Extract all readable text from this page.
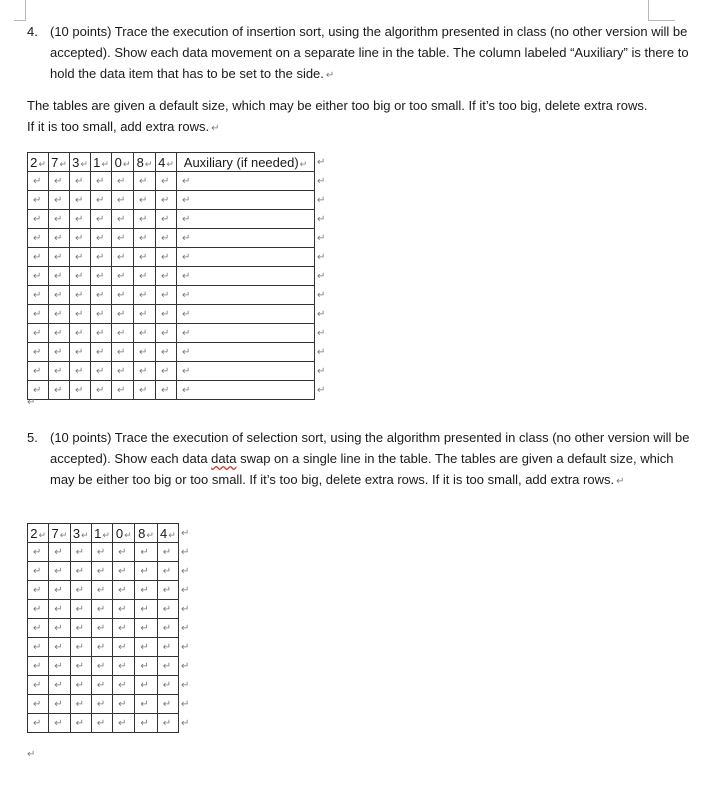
4. (10 points) Trace the execution of insertion sort, using the algorithm presented in class (no other version will be accepted). Show each data movement on a separate line in the table. The column labeled “Auxiliary” is there to hold the data item that has to be set to the side. ↵
The tables are given a default size, which may be either too big or too small. If it’s too big, delete extra rows. If it is too small, add extra rows. ↵
2↵	7↵	3↵	1↵	0↵	8↵	4↵	Auxiliary (if needed)↵
↵	↵	↵	↵	↵	↵	↵	↵
↵	↵	↵	↵	↵	↵	↵	↵
↵	↵	↵	↵	↵	↵	↵	↵
↵	↵	↵	↵	↵	↵	↵	↵
↵	↵	↵	↵	↵	↵	↵	↵
↵	↵	↵	↵	↵	↵	↵	↵
↵	↵	↵	↵	↵	↵	↵	↵
↵	↵	↵	↵	↵	↵	↵	↵
↵	↵	↵	↵	↵	↵	↵	↵
↵	↵	↵	↵	↵	↵	↵	↵
↵	↵	↵	↵	↵	↵	↵	↵
↵	↵	↵	↵	↵	↵	↵	↵
↵
↵
↵
↵
↵
↵
↵
↵
↵
↵
↵
↵
↵
↵
5. (10 points) Trace the execution of selection sort, using the algorithm presented in class (no other version will be accepted). Show each data data swap on a single line in the table. The tables are given a default size, which may be either too big or too small. If it’s too big, delete extra rows. If it is too small, add extra rows. ↵
2↵	7↵	3↵	1↵	0↵	8↵	4↵
↵	↵	↵	↵	↵	↵	↵
↵	↵	↵	↵	↵	↵	↵
↵	↵	↵	↵	↵	↵	↵
↵	↵	↵	↵	↵	↵	↵
↵	↵	↵	↵	↵	↵	↵
↵	↵	↵	↵	↵	↵	↵
↵	↵	↵	↵	↵	↵	↵
↵	↵	↵	↵	↵	↵	↵
↵	↵	↵	↵	↵	↵	↵
↵	↵	↵	↵	↵	↵	↵
↵
↵
↵
↵
↵
↵
↵
↵
↵
↵
↵
↵
